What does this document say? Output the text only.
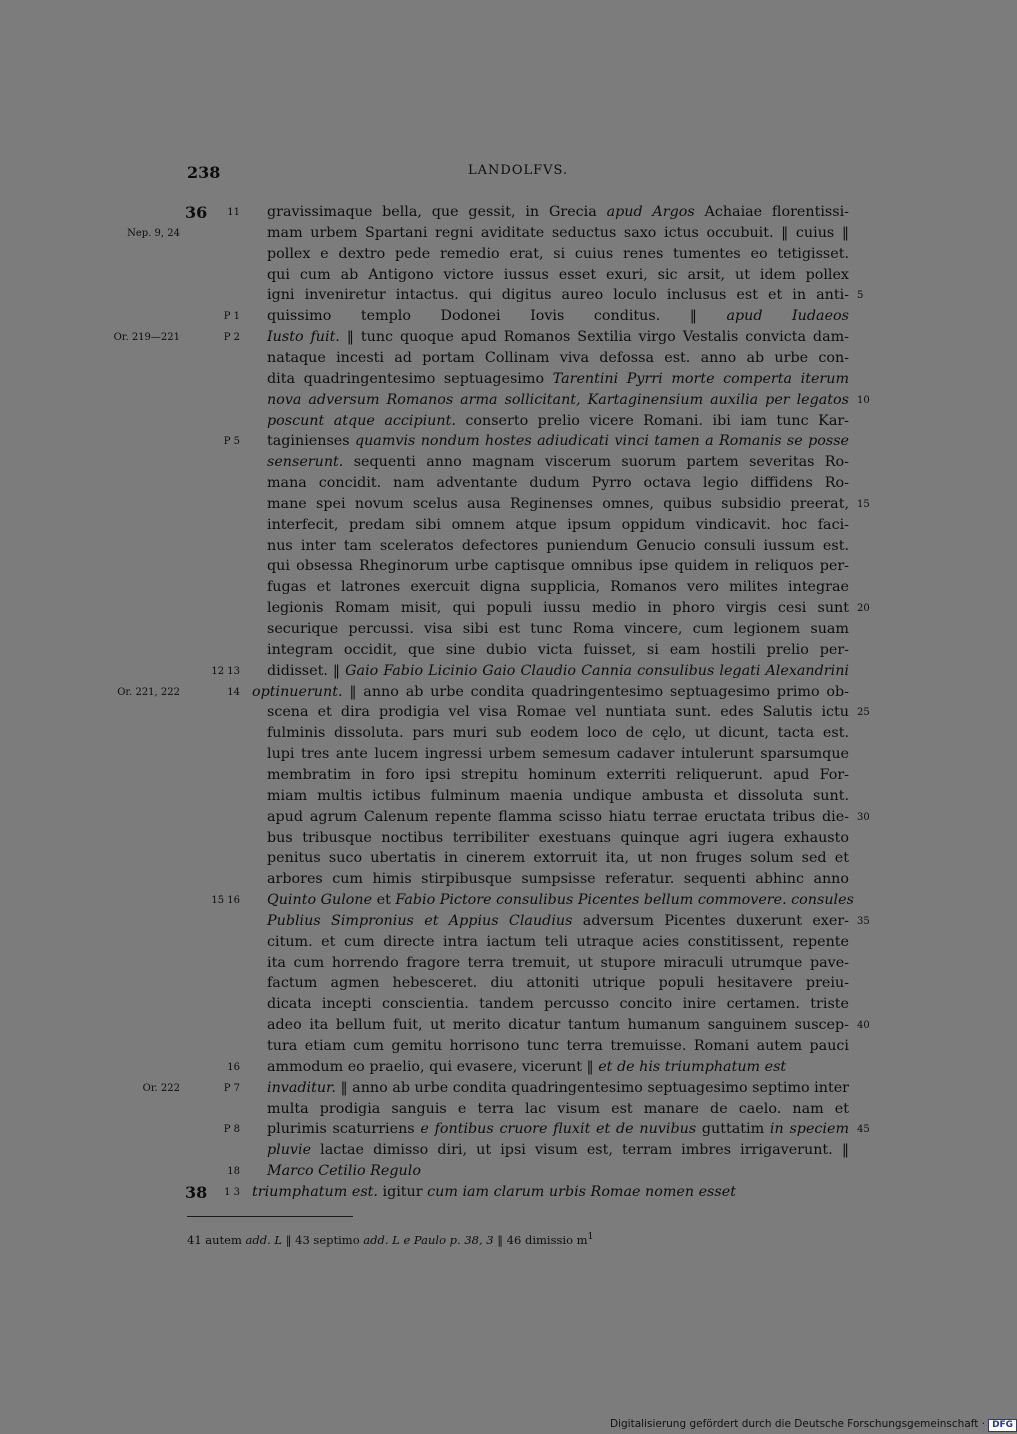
238	LANDOLFVS.
36 11 gravissimaque bella, que gessit, in Grecia apud Argos Achaiae florentissi-
Nep. 9, 24	mam urbem Spartani regni aviditate seductus saxo ictus occubuit. ‖ cuius ‖
pollex e dextro pede remedio erat, si cuius renes tumentes eo tetigisset.
qui cum ab Antigono victore iussus esset exuri, sic arsit, ut idem pollex
igni inveniretur intactus. qui digitus aureo loculo inclusus est et in anti- 5
P 1 quissimo templo Dodonei Iovis conditus. ‖ apud Iudaeos
Or. 219—221	P 2 Iusto fuit. ‖ tunc quoque apud Romanos Sextilia virgo Vestalis convicta dam-
nataque incesti ad portam Collinam viva defossa est. anno ab urbe con-
dita quadringentesimo septuagesimo Tarentini Pyrri morte comperta iterum
nova adversum Romanos arma sollicitant, Kartaginensium auxilia per legatos 10
poscunt atque accipiunt. conserto prelio vicere Romani. ibi iam tunc Kar-
P 5 taginienses quamvis nondum hostes adiudicati vinci tamen a Romanis se posse
senserunt. sequenti anno magnam viscerum suorum partem severitas Ro-
mana concidit. nam adventante dudum Pyrro octava legio diffidens Ro-
mane spei novum scelus ausa Reginenses omnes, quibus subsidio preerat, 15
interfecit, predam sibi omnem atque ipsum oppidum vindicavit. hoc faci-
nus inter tam sceleratos defectores puniendum Genucio consuli iussum est.
qui obsessa Rheginorum urbe captisque omnibus ipse quidem in reliquos per-
fugas et latrones exercuit digna supplicia, Romanos vero milites integrae
legionis Romam misit, qui populi iussu medio in phoro virgis cesi sunt 20
securique percussi. visa sibi est tunc Roma vincere, cum legionem suam
integram occidit, que sine dubio victa fuisset, si eam hostili prelio per-
12 13 didisset. ‖ Gaio Fabio Licinio Gaio Claudio Cannia consulibus legati Alexandrini
Or. 221, 222	14 optinuerunt. ‖ anno ab urbe condita quadringentesimo septuagesimo primo ob-
scena et dira prodigia vel visa Romae vel nuntiata sunt. edes Salutis ictu 25
fulminis dissoluta. pars muri sub eodem loco de cęlo, ut dicunt, tacta est.
lupi tres ante lucem ingressi urbem semesum cadaver intulerunt sparsumque
membratim in foro ipsi strepitu hominum exterriti reliquerunt. apud For-
miam multis ictibus fulminum maenia undique ambusta et dissoluta sunt.
apud agrum Calenum repente flamma scisso hiatu terrae eructata tribus die- 30
bus tribusque noctibus terribiliter exestuans quinque agri iugera exhausto
penitus suco ubertatis in cinerem extorruit ita, ut non fruges solum sed et
arbores cum himis stirpibusque sumpsisse referatur. sequenti abhinc anno
15 16 Quinto Gulone et Fabio Pictore consulibus Picentes bellum commovere. consules
Publius Simpronius et Appius Claudius adversum Picentes duxerunt exer- 35
citum. et cum directe intra iactum teli utraque acies constitissent, repente
ita cum horrendo fragore terra tremuit, ut stupore miraculi utrumque pave-
factum agmen hebesceret. diu attoniti utrique populi hesitavere preiu-
dicata incepti conscientia. tandem percusso concito inire certamen. triste
adeo ita bellum fuit, ut merito dicatur tantum humanum sanguinem suscep- 40
tura etiam cum gemitu horrisono tunc terra tremuisse. Romani autem pauci
16 ammodum eo praelio, qui evasere, vicerunt ‖ et de his triumphatum est
Or. 222	P 7 invaditur. ‖ anno ab urbe condita quadringentesimo septuagesimo septimo inter
multa prodigia sanguis e terra lac visum est manare de caelo. nam et
P 8 plurimis scaturriens e fontibus cruore fluxit et de nuvibus guttatim in speciem 45
pluvie lactae dimisso diri, ut ipsi visum est, terram imbres irrigaverunt. ‖
18 Marco Cetilio Regulo
38 1 3 triumphatum est. igitur cum iam clarum urbis Romae nomen esset
41 autem add. L ‖ 43 septimo add. L e Paulo p. 38, 3 ‖ 46 dimissio $m^1$
Digitalisierung gefördert durch die Deutsche Forschungsgemeinschaft · DFG
